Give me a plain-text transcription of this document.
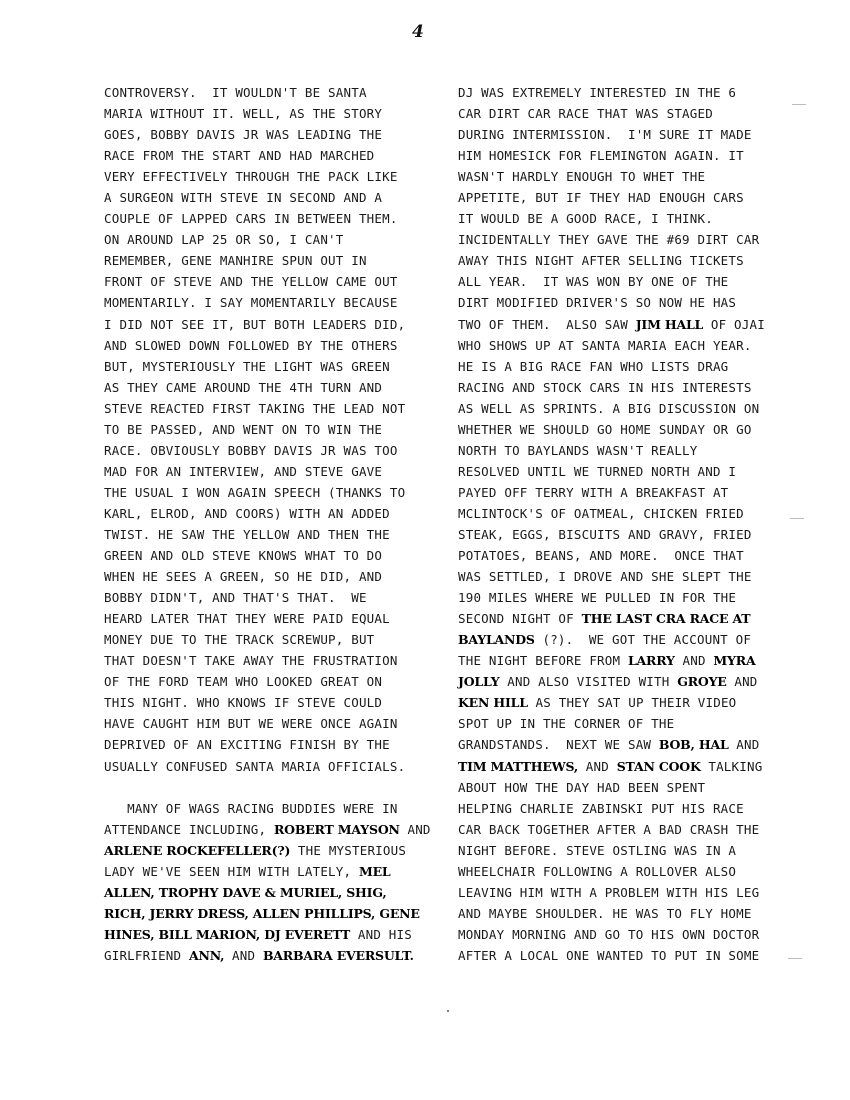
4
CONTROVERSY.  IT WOULDN'T BE SANTA
MARIA WITHOUT IT. WELL, AS THE STORY
GOES, BOBBY DAVIS JR WAS LEADING THE
RACE FROM THE START AND HAD MARCHED
VERY EFFECTIVELY THROUGH THE PACK LIKE
A SURGEON WITH STEVE IN SECOND AND A
COUPLE OF LAPPED CARS IN BETWEEN THEM.
ON AROUND LAP 25 OR SO, I CAN'T
REMEMBER, GENE MANHIRE SPUN OUT IN
FRONT OF STEVE AND THE YELLOW CAME OUT
MOMENTARILY. I SAY MOMENTARILY BECAUSE
I DID NOT SEE IT, BUT BOTH LEADERS DID,
AND SLOWED DOWN FOLLOWED BY THE OTHERS
BUT, MYSTERIOUSLY THE LIGHT WAS GREEN
AS THEY CAME AROUND THE 4TH TURN AND
STEVE REACTED FIRST TAKING THE LEAD NOT
TO BE PASSED, AND WENT ON TO WIN THE
RACE. OBVIOUSLY BOBBY DAVIS JR WAS TOO
MAD FOR AN INTERVIEW, AND STEVE GAVE
THE USUAL I WON AGAIN SPEECH (THANKS TO
KARL, ELROD, AND COORS) WITH AN ADDED
TWIST. HE SAW THE YELLOW AND THEN THE
GREEN AND OLD STEVE KNOWS WHAT TO DO
WHEN HE SEES A GREEN, SO HE DID, AND
BOBBY DIDN'T, AND THAT'S THAT.  WE
HEARD LATER THAT THEY WERE PAID EQUAL
MONEY DUE TO THE TRACK SCREWUP, BUT
THAT DOESN'T TAKE AWAY THE FRUSTRATION
OF THE FORD TEAM WHO LOOKED GREAT ON
THIS NIGHT. WHO KNOWS IF STEVE COULD
HAVE CAUGHT HIM BUT WE WERE ONCE AGAIN
DEPRIVED OF AN EXCITING FINISH BY THE
USUALLY CONFUSED SANTA MARIA OFFICIALS.
MANY OF WAGS RACING BUDDIES WERE IN
ATTENDANCE INCLUDING, ROBERT MAYSON AND
ARLENE ROCKEFELLER(?) THE MYSTERIOUS
LADY WE'VE SEEN HIM WITH LATELY, MEL
ALLEN, TROPHY DAVE & MURIEL, SHIG,
RICH, JERRY DRESS, ALLEN PHILLIPS, GENE
HINES, BILL MARION, DJ EVERETT AND HIS
GIRLFRIEND ANN, AND BARBARA EVERSULT.
DJ WAS EXTREMELY INTERESTED IN THE 6
CAR DIRT CAR RACE THAT WAS STAGED
DURING INTERMISSION.  I'M SURE IT MADE
HIM HOMESICK FOR FLEMINGTON AGAIN. IT
WASN'T HARDLY ENOUGH TO WHET THE
APPETITE, BUT IF THEY HAD ENOUGH CARS
IT WOULD BE A GOOD RACE, I THINK.
INCIDENTALLY THEY GAVE THE #69 DIRT CAR
AWAY THIS NIGHT AFTER SELLING TICKETS
ALL YEAR.  IT WAS WON BY ONE OF THE
DIRT MODIFIED DRIVER'S SO NOW HE HAS
TWO OF THEM.  ALSO SAW JIM HALL OF OJAI
WHO SHOWS UP AT SANTA MARIA EACH YEAR.
HE IS A BIG RACE FAN WHO LISTS DRAG
RACING AND STOCK CARS IN HIS INTERESTS
AS WELL AS SPRINTS. A BIG DISCUSSION ON
WHETHER WE SHOULD GO HOME SUNDAY OR GO
NORTH TO BAYLANDS WASN'T REALLY
RESOLVED UNTIL WE TURNED NORTH AND I
PAYED OFF TERRY WITH A BREAKFAST AT
MCLINTOCK'S OF OATMEAL, CHICKEN FRIED
STEAK, EGGS, BISCUITS AND GRAVY, FRIED
POTATOES, BEANS, AND MORE.  ONCE THAT
WAS SETTLED, I DROVE AND SHE SLEPT THE
190 MILES WHERE WE PULLED IN FOR THE
SECOND NIGHT OF THE LAST CRA RACE AT
BAYLANDS (?).  WE GOT THE ACCOUNT OF
THE NIGHT BEFORE FROM LARRY AND MYRA
JOLLY AND ALSO VISITED WITH GROYE AND
KEN HILL AS THEY SAT UP THEIR VIDEO
SPOT UP IN THE CORNER OF THE
GRANDSTANDS.  NEXT WE SAW BOB, HAL AND
TIM MATTHEWS, AND STAN COOK TALKING
ABOUT HOW THE DAY HAD BEEN SPENT
HELPING CHARLIE ZABINSKI PUT HIS RACE
CAR BACK TOGETHER AFTER A BAD CRASH THE
NIGHT BEFORE. STEVE OSTLING WAS IN A
WHEELCHAIR FOLLOWING A ROLLOVER ALSO
LEAVING HIM WITH A PROBLEM WITH HIS LEG
AND MAYBE SHOULDER. HE WAS TO FLY HOME
MONDAY MORNING AND GO TO HIS OWN DOCTOR
AFTER A LOCAL ONE WANTED TO PUT IN SOME
